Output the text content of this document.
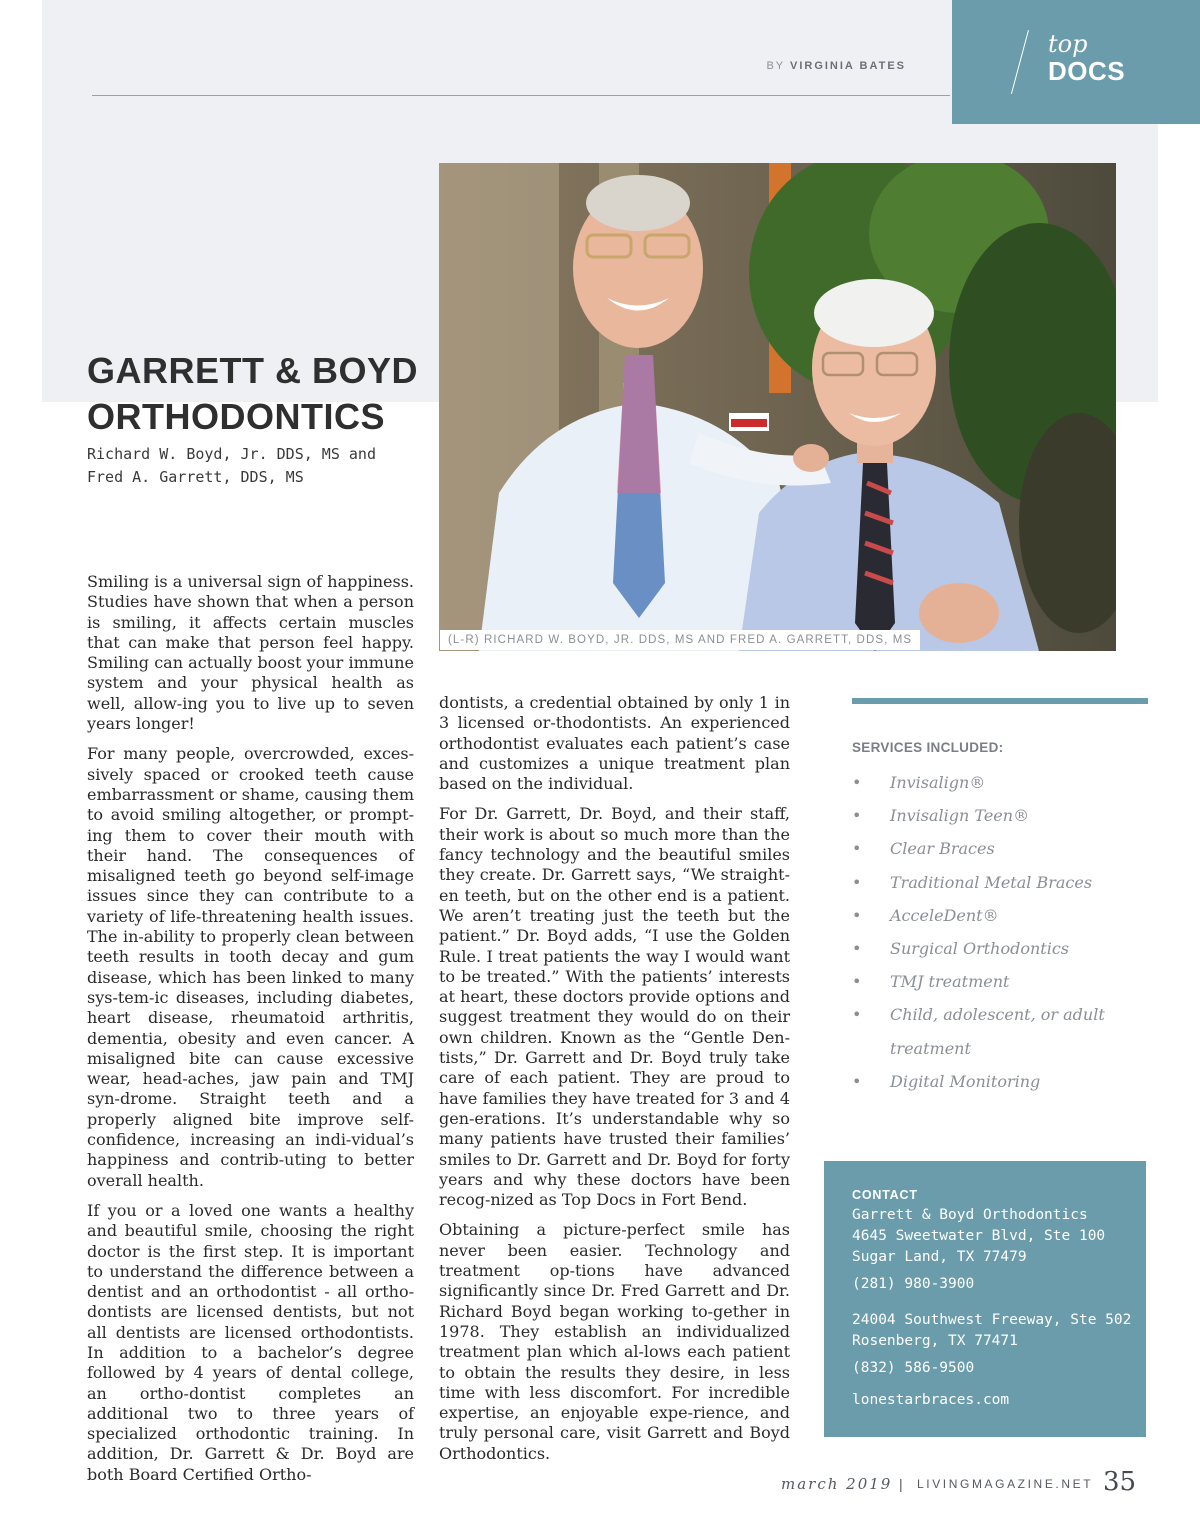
BY VIRGINIA BATES
top
DOCS
(L-R) RICHARD W. BOYD, JR. DDS, MS AND FRED A. GARRETT, DDS, MS
GARRETT & BOYD
ORTHODONTICS
Richard W. Boyd, Jr. DDS, MS and
Fred A. Garrett, DDS, MS

Smiling is a universal sign of happiness. Studies have shown that when a person is smiling, it affects certain muscles that can make that person feel happy. Smiling can actually boost your immune system and your physical health as well, allow-ing you to live up to seven years longer!

For many people, overcrowded, exces-sively spaced or crooked teeth cause embarrassment or shame, causing them to avoid smiling altogether, or prompt-ing them to cover their mouth with their hand. The consequences of misaligned teeth go beyond self-image issues since they can contribute to a variety of life-threatening health issues. The in-ability to properly clean between teeth results in tooth decay and gum disease, which has been linked to many sys-tem-ic diseases, including diabetes, heart disease, rheumatoid arthritis, dementia, obesity and even cancer. A misaligned bite can cause excessive wear, head-aches, jaw pain and TMJ syn-drome. Straight teeth and a properly aligned bite improve self-confidence, increasing an indi-vidual’s happiness and contrib-uting to better overall health.

If you or a loved one wants a healthy and beautiful smile, choosing the right doctor is the first step. It is important to understand the difference between a dentist and an orthodontist - all ortho-dontists are licensed dentists, but not all dentists are licensed orthodontists. In addition to a bachelor’s degree followed by 4 years of dental college, an ortho-dontist completes an additional two to three years of specialized orthodontic training. In addition, Dr. Garrett & Dr. Boyd are both Board Certified Ortho-

dontists, a credential obtained by only 1 in 3 licensed or-thodontists. An experienced orthodontist evaluates each patient’s case and customizes a unique treatment plan based on the individual.

For Dr. Garrett, Dr. Boyd, and their staff, their work is about so much more than the fancy technology and the beautiful smiles they create. Dr. Garrett says, “We straight-en teeth, but on the other end is a patient. We aren’t treating just the teeth but the patient.” Dr. Boyd adds, “I use the Golden Rule. I treat patients the way I would want to be treated.” With the patients’ interests at heart, these doctors provide options and suggest treatment they would do on their own children. Known as the “Gentle Den-tists,” Dr. Garrett and Dr. Boyd truly take care of each patient. They are proud to have families they have treated for 3 and 4 gen-erations. It’s understandable why so many patients have trusted their families’ smiles to Dr. Garrett and Dr. Boyd for forty years and why these doctors have been recog-nized as Top Docs in Fort Bend.

Obtaining a picture-perfect smile has never been easier. Technology and treatment op-tions have advanced significantly since Dr. Fred Garrett and Dr. Richard Boyd began working to-gether in 1978. They establish an individualized treatment plan which al-lows each patient to obtain the results they desire, in less time with less discomfort. For incredible expertise, an enjoyable expe-rience, and truly personal care, visit Garrett and Boyd Orthodontics.

SERVICES INCLUDED:
• Invisalign®
• Invisalign Teen®
• Clear Braces
• Traditional Metal Braces
• AcceleDent®
• Surgical Orthodontics
• TMJ treatment
• Child, adolescent, or adult
treatment
• Digital Monitoring
CONTACT
Garrett & Boyd Orthodontics
4645 Sweetwater Blvd, Ste 100
Sugar Land, TX 77479
(281) 980-3900
24004 Southwest Freeway, Ste 502
Rosenberg, TX 77471
(832) 586-9500
lonestarbraces.com
march 2019 | LIVINGMAGAZINE.NET 35
